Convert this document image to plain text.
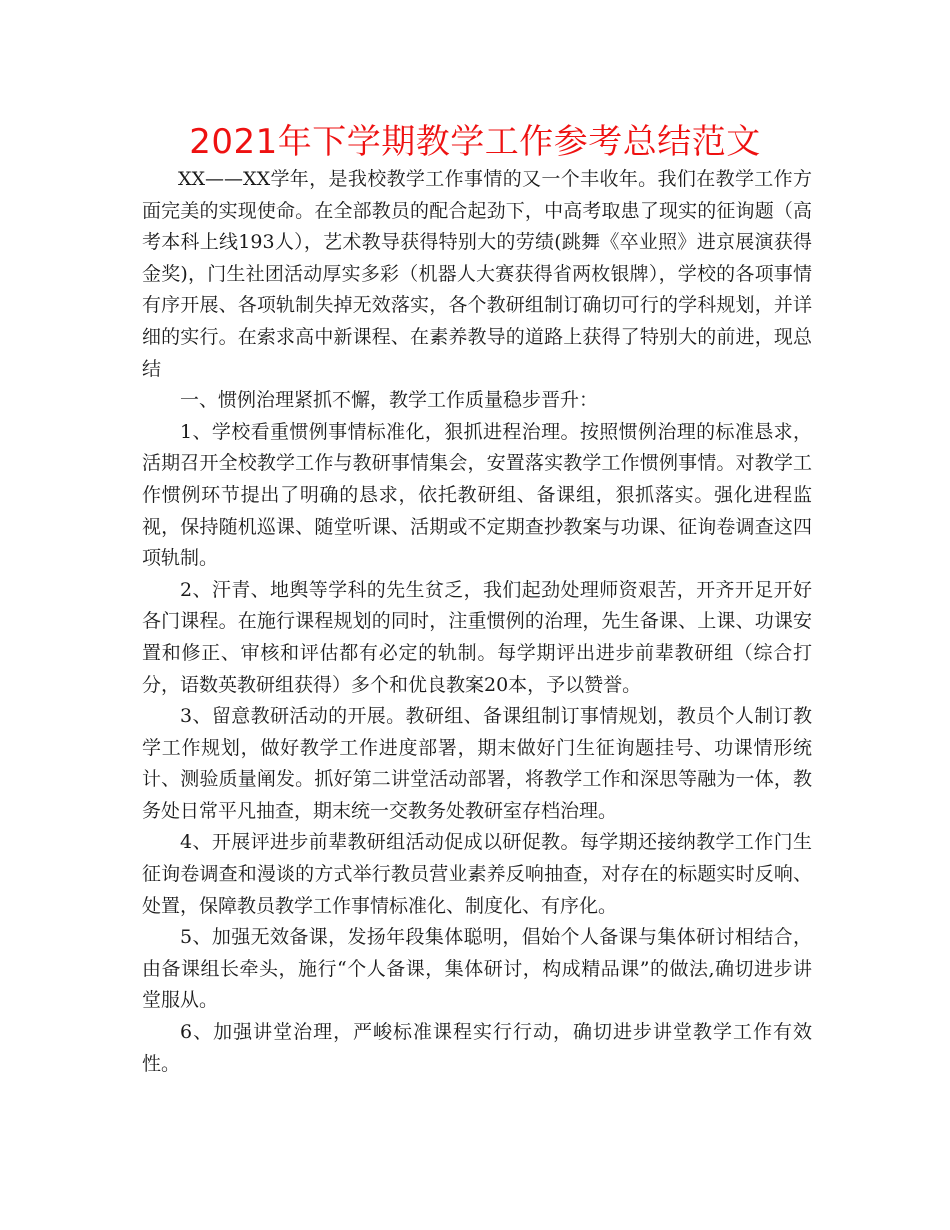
2021年下学期教学工作参考总结范文

XX——XX学年，是我校教学工作事情的又一个丰收年。我们在教学工作方面完美的实现使命。在全部教员的配合起劲下，中高考取患了现实的征询题（高考本科上线193人），艺术教导获得特别大的劳绩(跳舞《卒业照》进京展演获得金奖)，门生社团活动厚实多彩（机器人大赛获得省两枚银牌），学校的各项事情有序开展、各项轨制失掉无效落实，各个教研组制订确切可行的学科规划，并详细的实行。在索求高中新课程、在素养教导的道路上获得了特别大的前进，现总结

一、惯例治理紧抓不懈，教学工作质量稳步晋升：

1、学校看重惯例事情标准化，狠抓进程治理。按照惯例治理的标准恳求，活期召开全校教学工作与教研事情集会，安置落实教学工作惯例事情。对教学工作惯例环节提出了明确的恳求，依托教研组、备课组，狠抓落实。强化进程监视，保持随机巡课、随堂听课、活期或不定期查抄教案与功课、征询卷调查这四项轨制。

2、汗青、地舆等学科的先生贫乏，我们起劲处理师资艰苦，开齐开足开好各门课程。在施行课程规划的同时，注重惯例的治理，先生备课、上课、功课安置和修正、审核和评估都有必定的轨制。每学期评出进步前辈教研组（综合打分，语数英教研组获得）多个和优良教案20本，予以赞誉。

3、留意教研活动的开展。教研组、备课组制订事情规划，教员个人制订教学工作规划，做好教学工作进度部署，期末做好门生征询题挂号、功课情形统计、测验质量阐发。抓好第二讲堂活动部署，将教学工作和深思等融为一体，教务处日常平凡抽查，期末统一交教务处教研室存档治理。

4、开展评进步前辈教研组活动促成以研促教。每学期还接纳教学工作门生征询卷调查和漫谈的方式举行教员营业素养反响抽查，对存在的标题实时反响、处置，保障教员教学工作事情标准化、制度化、有序化。

5、加强无效备课，发扬年段集体聪明，倡始个人备课与集体研讨相结合，由备课组长牵头，施行“个人备课，集体研讨，构成精品课”的做法,确切进步讲堂服从。

6、加强讲堂治理，严峻标准课程实行行动，确切进步讲堂教学工作有效性。
